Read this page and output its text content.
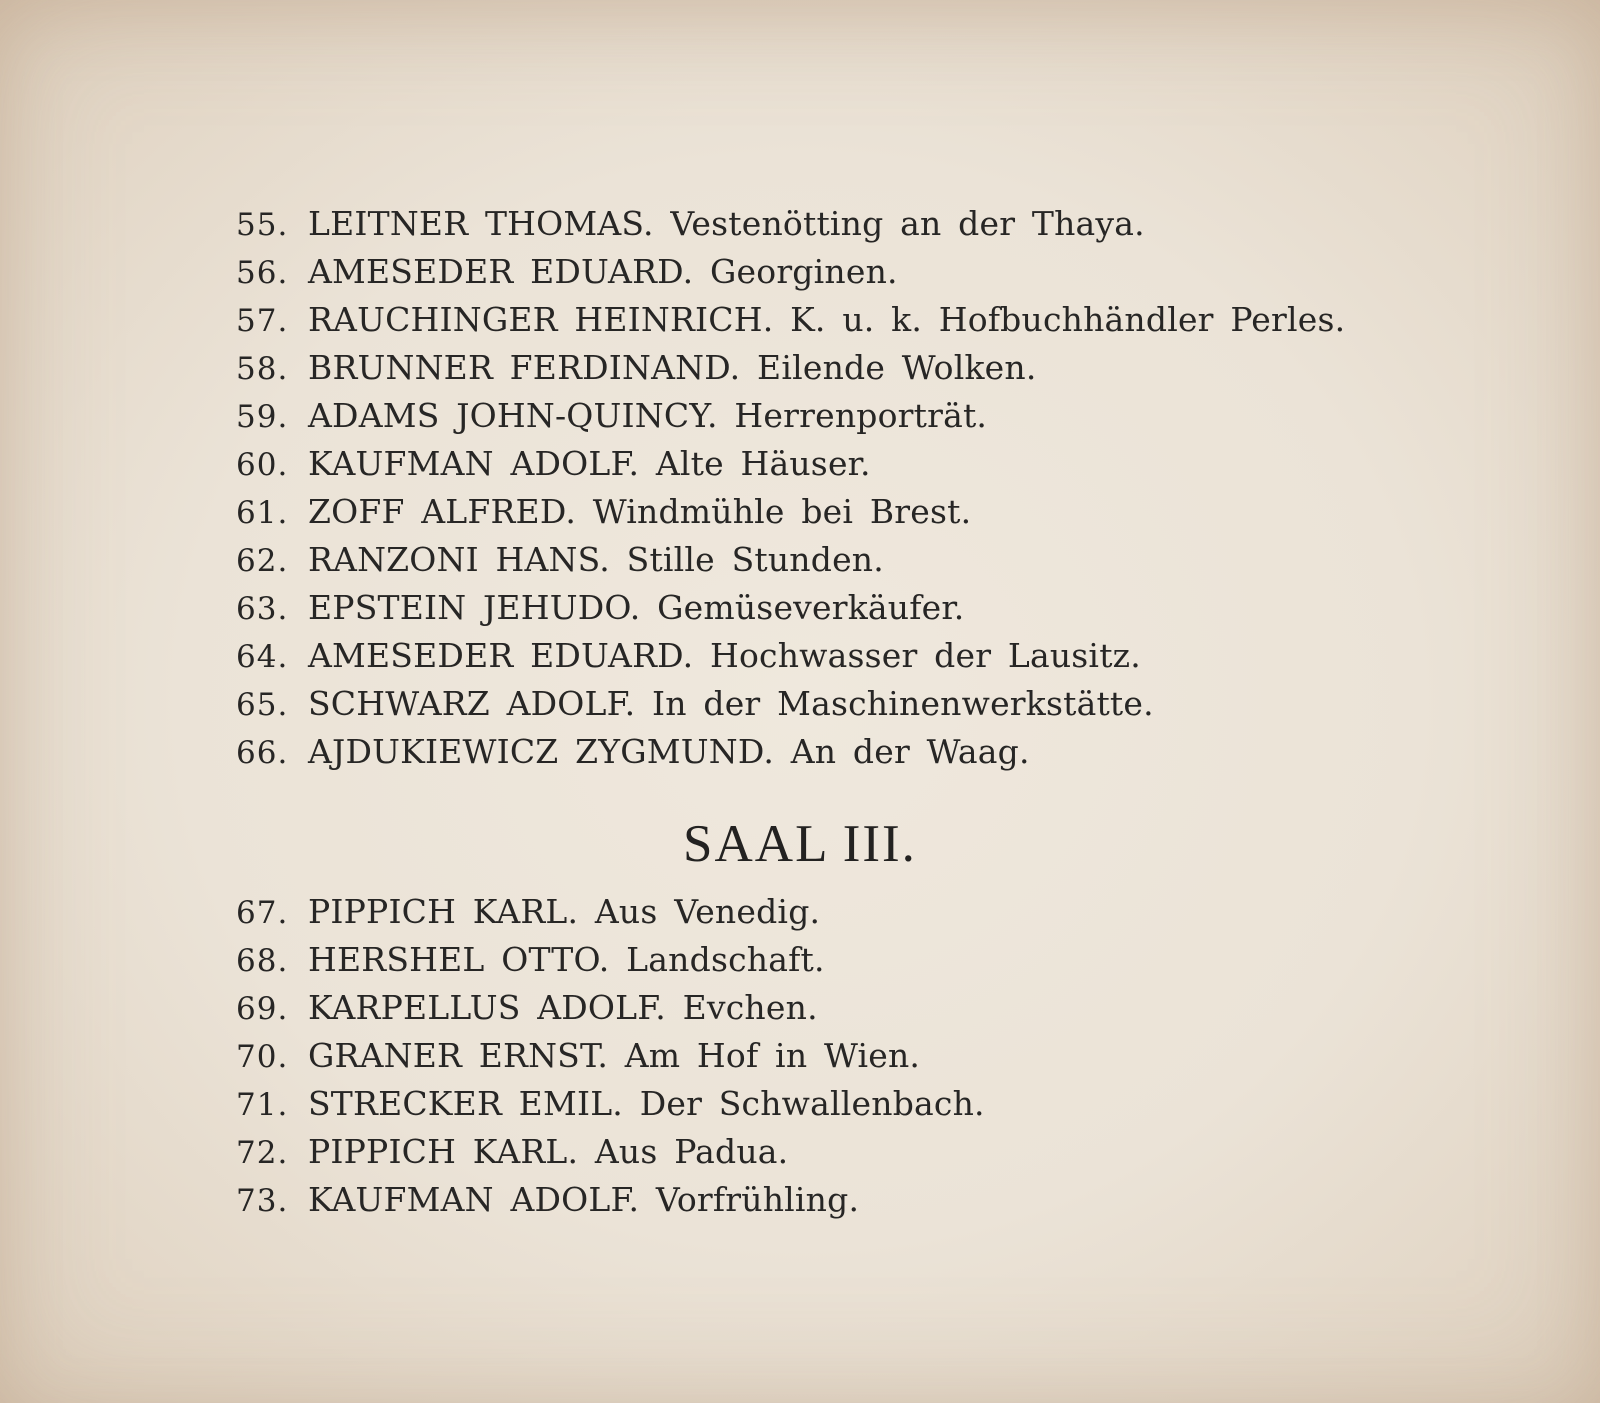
55. LEITNER THOMAS. Vestenötting an der Thaya.
56. AMESEDER EDUARD. Georginen.
57. RAUCHINGER HEINRICH. K. u. k. Hofbuchhändler Perles.
58. BRUNNER FERDINAND. Eilende Wolken.
59. ADAMS JOHN-QUINCY. Herrenporträt.
60. KAUFMAN ADOLF. Alte Häuser.
61. ZOFF ALFRED. Windmühle bei Brest.
62. RANZONI HANS. Stille Stunden.
63. EPSTEIN JEHUDO. Gemüseverkäufer.
64. AMESEDER EDUARD. Hochwasser der Lausitz.
65. SCHWARZ ADOLF. In der Maschinenwerkstätte.
66. AJDUKIEWICZ ZYGMUND. An der Waag.
SAAL III.
67. PIPPICH KARL. Aus Venedig.
68. HERSHEL OTTO. Landschaft.
69. KARPELLUS ADOLF. Evchen.
70. GRANER ERNST. Am Hof in Wien.
71. STRECKER EMIL. Der Schwallenbach.
72. PIPPICH KARL. Aus Padua.
73. KAUFMAN ADOLF. Vorfrühling.
